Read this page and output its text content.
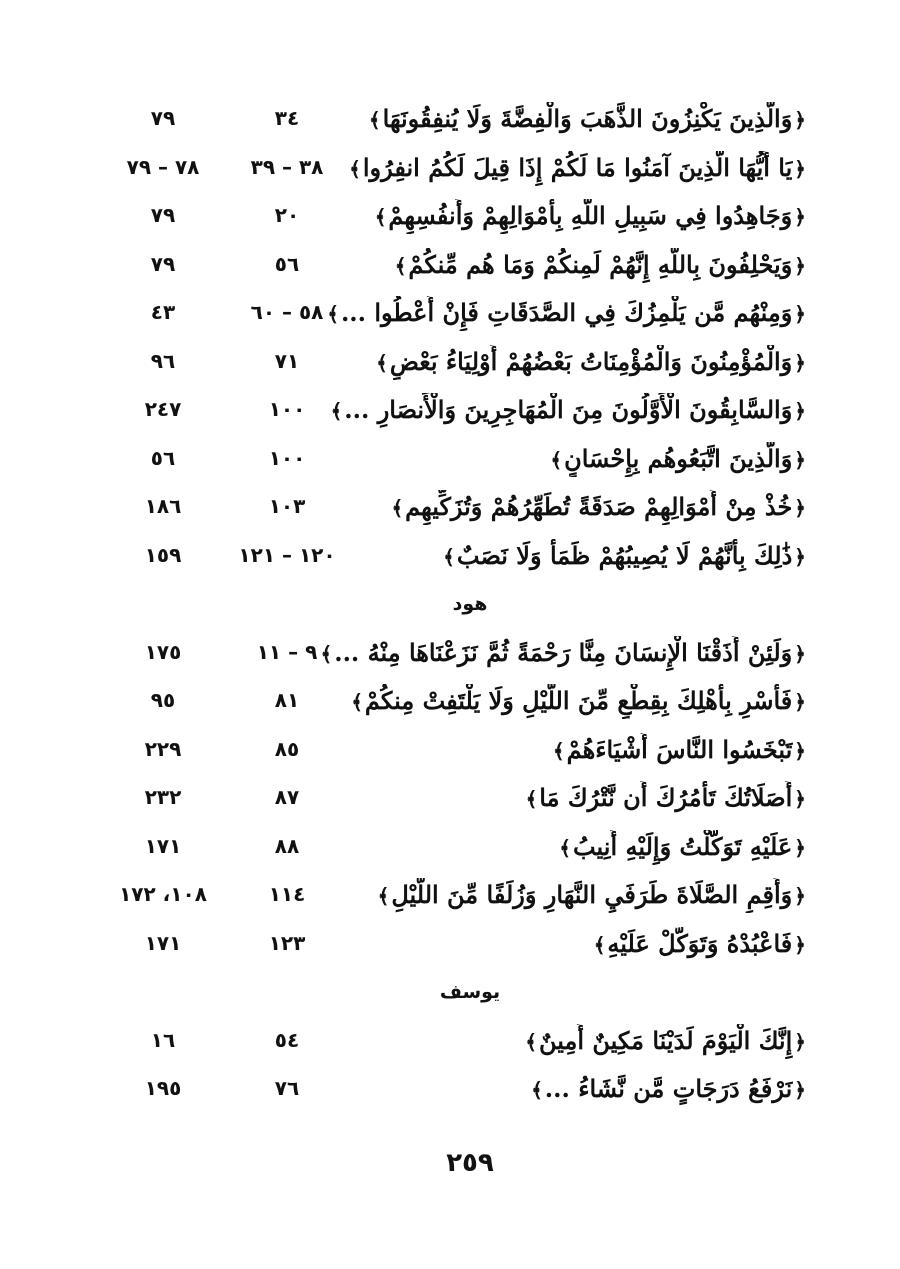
﴿وَالَّذِينَ يَكْنِزُونَ الذَّهَبَ وَالْفِضَّةَ وَلَا يُنفِقُونَهَا﴾
٣٤
٧٩
﴿يَا أَيُّهَا الَّذِينَ آمَنُوا مَا لَكُمْ إِذَا قِيلَ لَكُمُ انفِرُوا﴾
٣٨ – ٣٩
٧٨ – ٧٩
﴿وَجَاهِدُوا فِي سَبِيلِ اللَّهِ بِأَمْوَالِهِمْ وَأَنفُسِهِمْ﴾
٢٠
٧٩
﴿وَيَحْلِفُونَ بِاللَّهِ إِنَّهُمْ لَمِنكُمْ وَمَا هُم مِّنكُمْ﴾
٥٦
٧٩
﴿وَمِنْهُم مَّن يَلْمِزُكَ فِي الصَّدَقَاتِ فَإِنْ أُعْطُوا ...﴾
٥٨ – ٦٠
٤٣
﴿وَالْمُؤْمِنُونَ وَالْمُؤْمِنَاتُ بَعْضُهُمْ أَوْلِيَاءُ بَعْضٍ﴾
٧١
٩٦
﴿وَالسَّابِقُونَ الْأَوَّلُونَ مِنَ الْمُهَاجِرِينَ وَالْأَنصَارِ ...﴾
١٠٠
٢٤٧
﴿وَالَّذِينَ اتَّبَعُوهُم بِإِحْسَانٍ﴾
١٠٠
٥٦
﴿خُذْ مِنْ أَمْوَالِهِمْ صَدَقَةً تُطَهِّرُهُمْ وَتُزَكِّيهِم﴾
١٠٣
١٨٦
﴿ذَٰلِكَ بِأَنَّهُمْ لَا يُصِيبُهُمْ ظَمَأٌ وَلَا نَصَبٌ﴾
١٢٠ – ١٢١
١٥٩
هود
﴿وَلَئِنْ أَذَقْنَا الْإِنسَانَ مِنَّا رَحْمَةً ثُمَّ نَزَعْنَاهَا مِنْهُ ...﴾
٩ – ١١
١٧٥
﴿فَأَسْرِ بِأَهْلِكَ بِقِطْعٍ مِّنَ اللَّيْلِ وَلَا يَلْتَفِتْ مِنكُمْ﴾
٨١
٩٥
﴿تَبْخَسُوا النَّاسَ أَشْيَاءَهُمْ﴾
٨٥
٢٢٩
﴿أَصَلَاتُكَ تَأْمُرُكَ أَن نَّتْرُكَ مَا﴾
٨٧
٢٣٢
﴿عَلَيْهِ تَوَكَّلْتُ وَإِلَيْهِ أُنِيبُ﴾
٨٨
١٧١
﴿وَأَقِمِ الصَّلَاةَ طَرَفَيِ النَّهَارِ وَزُلَفًا مِّنَ اللَّيْلِ﴾
١١٤
١٠٨، ١٧٢
﴿فَاعْبُدْهُ وَتَوَكَّلْ عَلَيْهِ﴾
١٢٣
١٧١
يوسف
﴿إِنَّكَ الْيَوْمَ لَدَيْنَا مَكِينٌ أَمِينٌ﴾
٥٤
١٦
﴿نَرْفَعُ دَرَجَاتٍ مَّن نَّشَاءُ ...﴾
٧٦
١٩٥
٢٥٩
